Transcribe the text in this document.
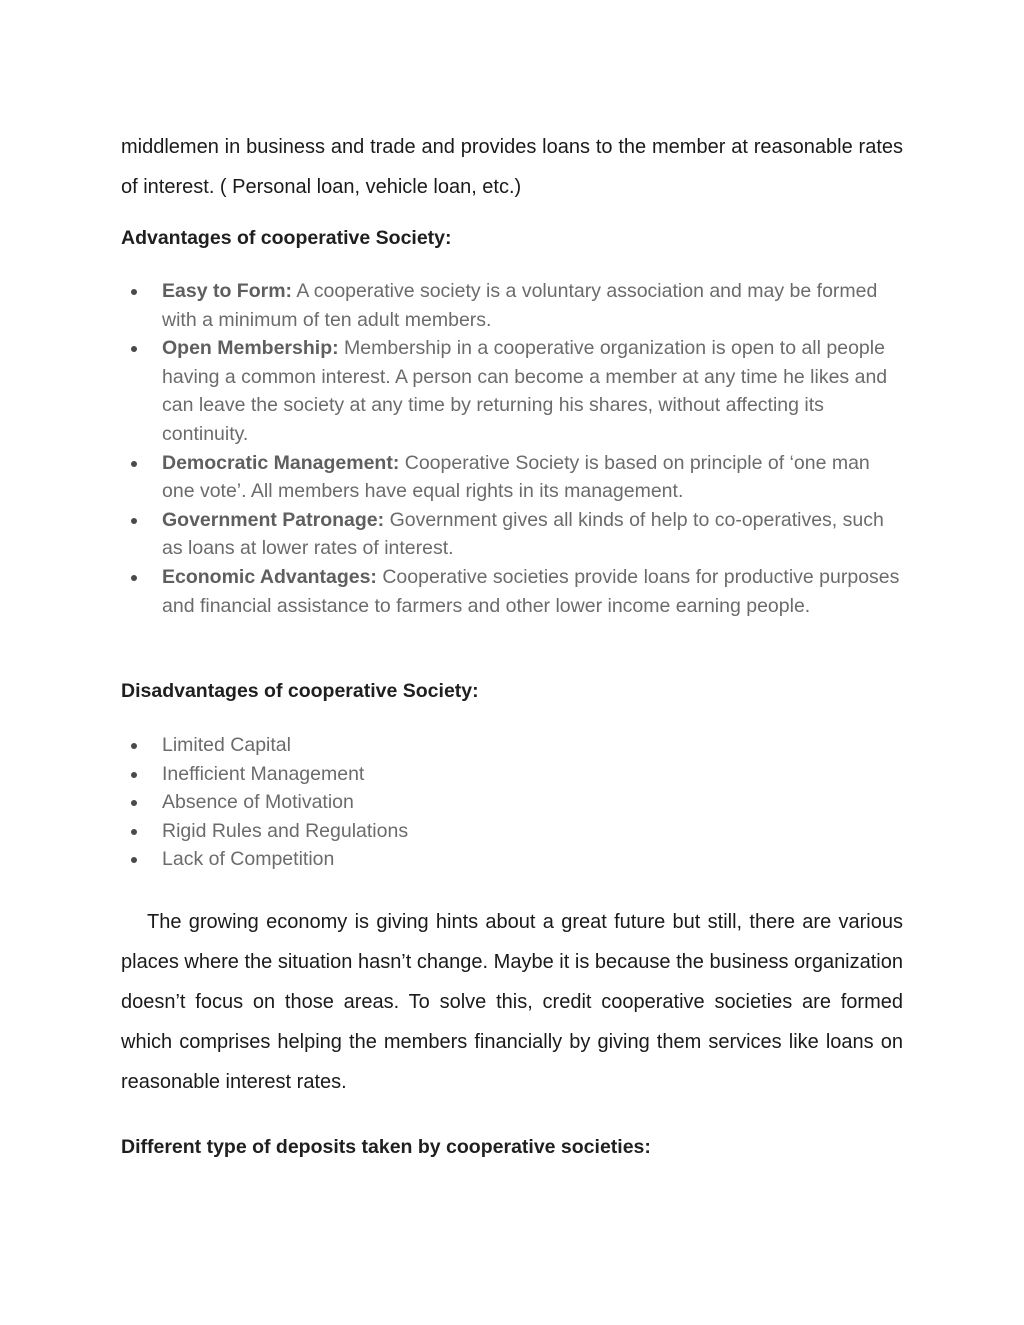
middlemen in business and trade and provides loans to the member at reasonable rates of interest. ( Personal loan, vehicle loan, etc.)

Advantages of cooperative Society:
Easy to Form: A cooperative society is a voluntary association and may be formed with a minimum of ten adult members.
Open Membership: Membership in a cooperative organization is open to all people having a common interest. A person can become a member at any time he likes and can leave the society at any time by returning his shares, without affecting its continuity.
Democratic Management: Cooperative Society is based on principle of ‘one man one vote’. All members have equal rights in its management.
Government Patronage: Government gives all kinds of help to co-operatives, such as loans at lower rates of interest.
Economic Advantages: Cooperative societies provide loans for productive purposes and financial assistance to farmers and other lower income earning people.
Disadvantages of cooperative Society:
Limited Capital
Inefficient Management
Absence of Motivation
Rigid Rules and Regulations
Lack of Competition

The growing economy is giving hints about a great future but still, there are various places where the situation hasn’t change. Maybe it is because the business organization doesn’t focus on those areas. To solve this, credit cooperative societies are formed which comprises helping the members financially by giving them services like loans on reasonable interest rates.

Different type of deposits taken by cooperative societies:
